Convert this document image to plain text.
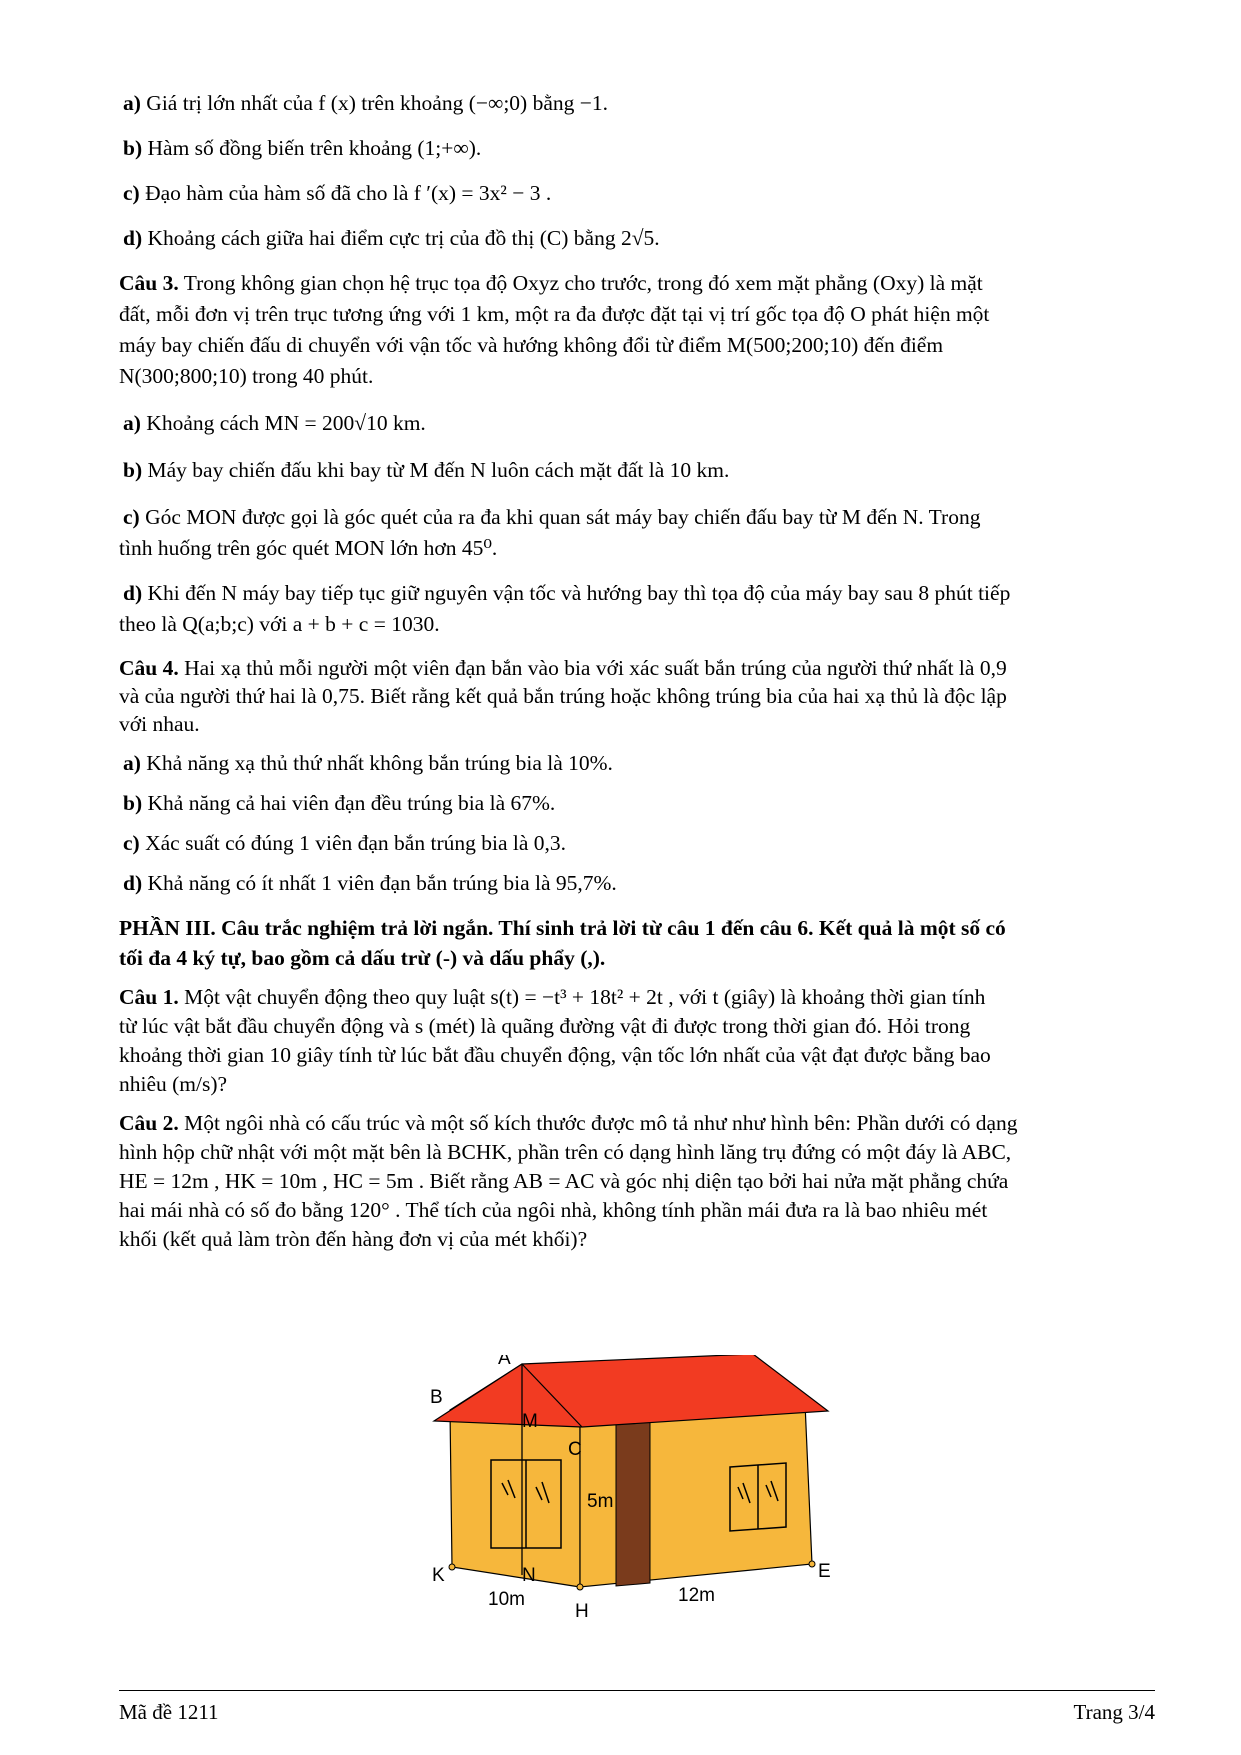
a) Giá trị lớn nhất của f (x) trên khoảng (−∞;0) bằng −1.

b) Hàm số đồng biến trên khoảng (1;+∞).

c) Đạo hàm của hàm số đã cho là f ′(x) = 3x² − 3 .

d) Khoảng cách giữa hai điểm cực trị của đồ thị (C) bằng 2√5.

Câu 3. Trong không gian chọn hệ trục tọa độ Oxyz cho trước, trong đó xem mặt phẳng (Oxy) là mặt

đất, mỗi đơn vị trên trục tương ứng với 1 km, một ra đa được đặt tại vị trí gốc tọa độ O phát hiện một

máy bay chiến đấu di chuyển với vận tốc và hướng không đổi từ điểm M(500;200;10) đến điểm

N(300;800;10) trong 40 phút.

a) Khoảng cách MN = 200√10 km.

b) Máy bay chiến đấu khi bay từ M đến N luôn cách mặt đất là 10 km.

c) Góc MON được gọi là góc quét của ra đa khi quan sát máy bay chiến đấu bay từ M đến N. Trong

tình huống trên góc quét MON lớn hơn 45⁰.

d) Khi đến N máy bay tiếp tục giữ nguyên vận tốc và hướng bay thì tọa độ của máy bay sau 8 phút tiếp

theo là Q(a;b;c) với a + b + c = 1030.

Câu 4. Hai xạ thủ mỗi người một viên đạn bắn vào bia với xác suất bắn trúng của người thứ nhất là 0,9

và của người thứ hai là 0,75. Biết rằng kết quả bắn trúng hoặc không trúng bia của hai xạ thủ là độc lập

với nhau.

a) Khả năng xạ thủ thứ nhất không bắn trúng bia là 10%.

b) Khả năng cả hai viên đạn đều trúng bia là 67%.

c) Xác suất có đúng 1 viên đạn bắn trúng bia là 0,3.

d) Khả năng có ít nhất 1 viên đạn bắn trúng bia là 95,7%.

PHẦN III. Câu trắc nghiệm trả lời ngắn. Thí sinh trả lời từ câu 1 đến câu 6. Kết quả là một số có

tối đa 4 ký tự, bao gồm cả dấu trừ (-) và dấu phẩy (,).

Câu 1. Một vật chuyển động theo quy luật s(t) = −t³ + 18t² + 2t , với t (giây) là khoảng thời gian tính

từ lúc vật bắt đầu chuyển động và s (mét) là quãng đường vật đi được trong thời gian đó. Hỏi trong

khoảng thời gian 10 giây tính từ lúc bắt đầu chuyển động, vận tốc lớn nhất của vật đạt được bằng bao

nhiêu (m/s)?

Câu 2. Một ngôi nhà có cấu trúc và một số kích thước được mô tả như như hình bên: Phần dưới có dạng

hình hộp chữ nhật với một mặt bên là BCHK, phần trên có dạng hình lăng trụ đứng có một đáy là ABC,

HE = 12m , HK = 10m , HC = 5m . Biết rằng AB = AC và góc nhị diện tạo bởi hai nửa mặt phẳng chứa

hai mái nhà có số đo bằng 120° . Thể tích của ngôi nhà, không tính phần mái đưa ra là bao nhiêu mét

khối (kết quả làm tròn đến hàng đơn vị của mét khối)?

A
B
M
C
5m
K	N	E
10m	12m
H
Mã đề 1211	Trang 3/4
